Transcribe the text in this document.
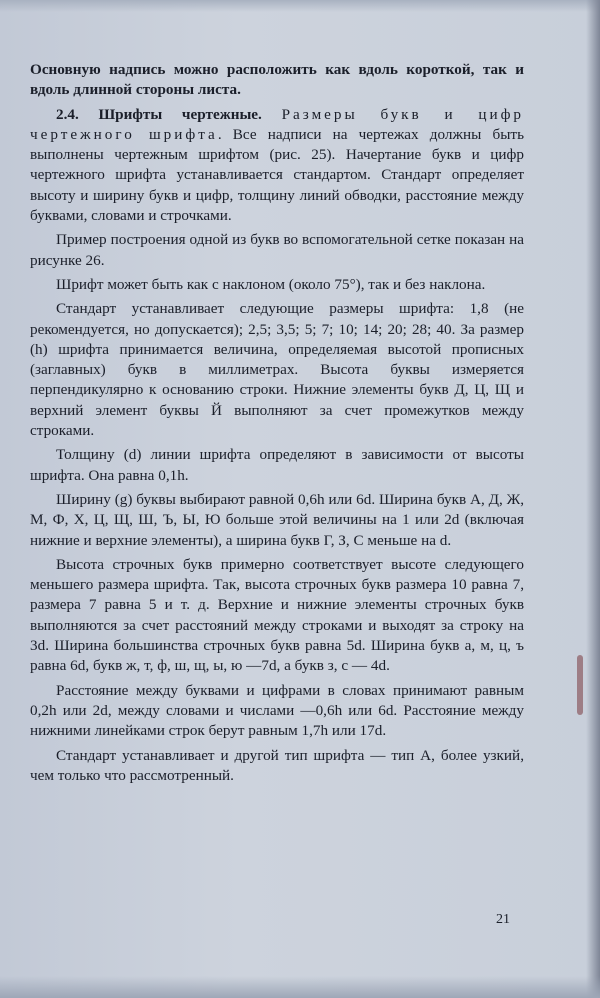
Основную надпись можно расположить как вдоль короткой, так и вдоль длинной стороны листа.

2.4. Шрифты чертежные. Размеры букв и цифр чертежного шрифта. Все надписи на чертежах должны быть выполнены чертежным шрифтом (рис. 25). Начертание букв и цифр чертежного шрифта устанавливается стандартом. Стандарт определяет высоту и ширину букв и цифр, толщину линий обводки, расстояние между буквами, словами и строчками.

Пример построения одной из букв во вспомогательной сетке показан на рисунке 26.

Шрифт может быть как с наклоном (около 75°), так и без наклона.

Стандарт устанавливает следующие размеры шрифта: 1,8 (не рекомендуется, но допускается); 2,5; 3,5; 5; 7; 10; 14; 20; 28; 40. За размер (h) шрифта принимается величина, определяемая высотой прописных (заглавных) букв в миллиметрах. Высота буквы измеряется перпендикулярно к основанию строки. Нижние элементы букв Д, Ц, Щ и верхний элемент буквы Й выполняют за счет промежутков между строками.

Толщину (d) линии шрифта определяют в зависимости от высоты шрифта. Она равна 0,1h.

Ширину (g) буквы выбирают равной 0,6h или 6d. Ширина букв А, Д, Ж, М, Ф, Х, Ц, Щ, Ш, Ъ, Ы, Ю больше этой величины на 1 или 2d (включая нижние и верхние элементы), а ширина букв Г, З, С меньше на d.

Высота строчных букв примерно соответствует высоте следующего меньшего размера шрифта. Так, высота строчных букв размера 10 равна 7, размера 7 равна 5 и т. д. Верхние и нижние элементы строчных букв выполняются за счет расстояний между строками и выходят за строку на 3d. Ширина большинства строчных букв равна 5d. Ширина букв а, м, ц, ъ равна 6d, букв ж, т, ф, ш, щ, ы, ю —7d, а букв з, с — 4d.

Расстояние между буквами и цифрами в словах принимают равным 0,2h или 2d, между словами и числами —0,6h или 6d. Расстояние между нижними линейками строк берут равным 1,7h или 17d.

Стандарт устанавливает и другой тип шрифта — тип А, более узкий, чем только что рассмотренный.

21
